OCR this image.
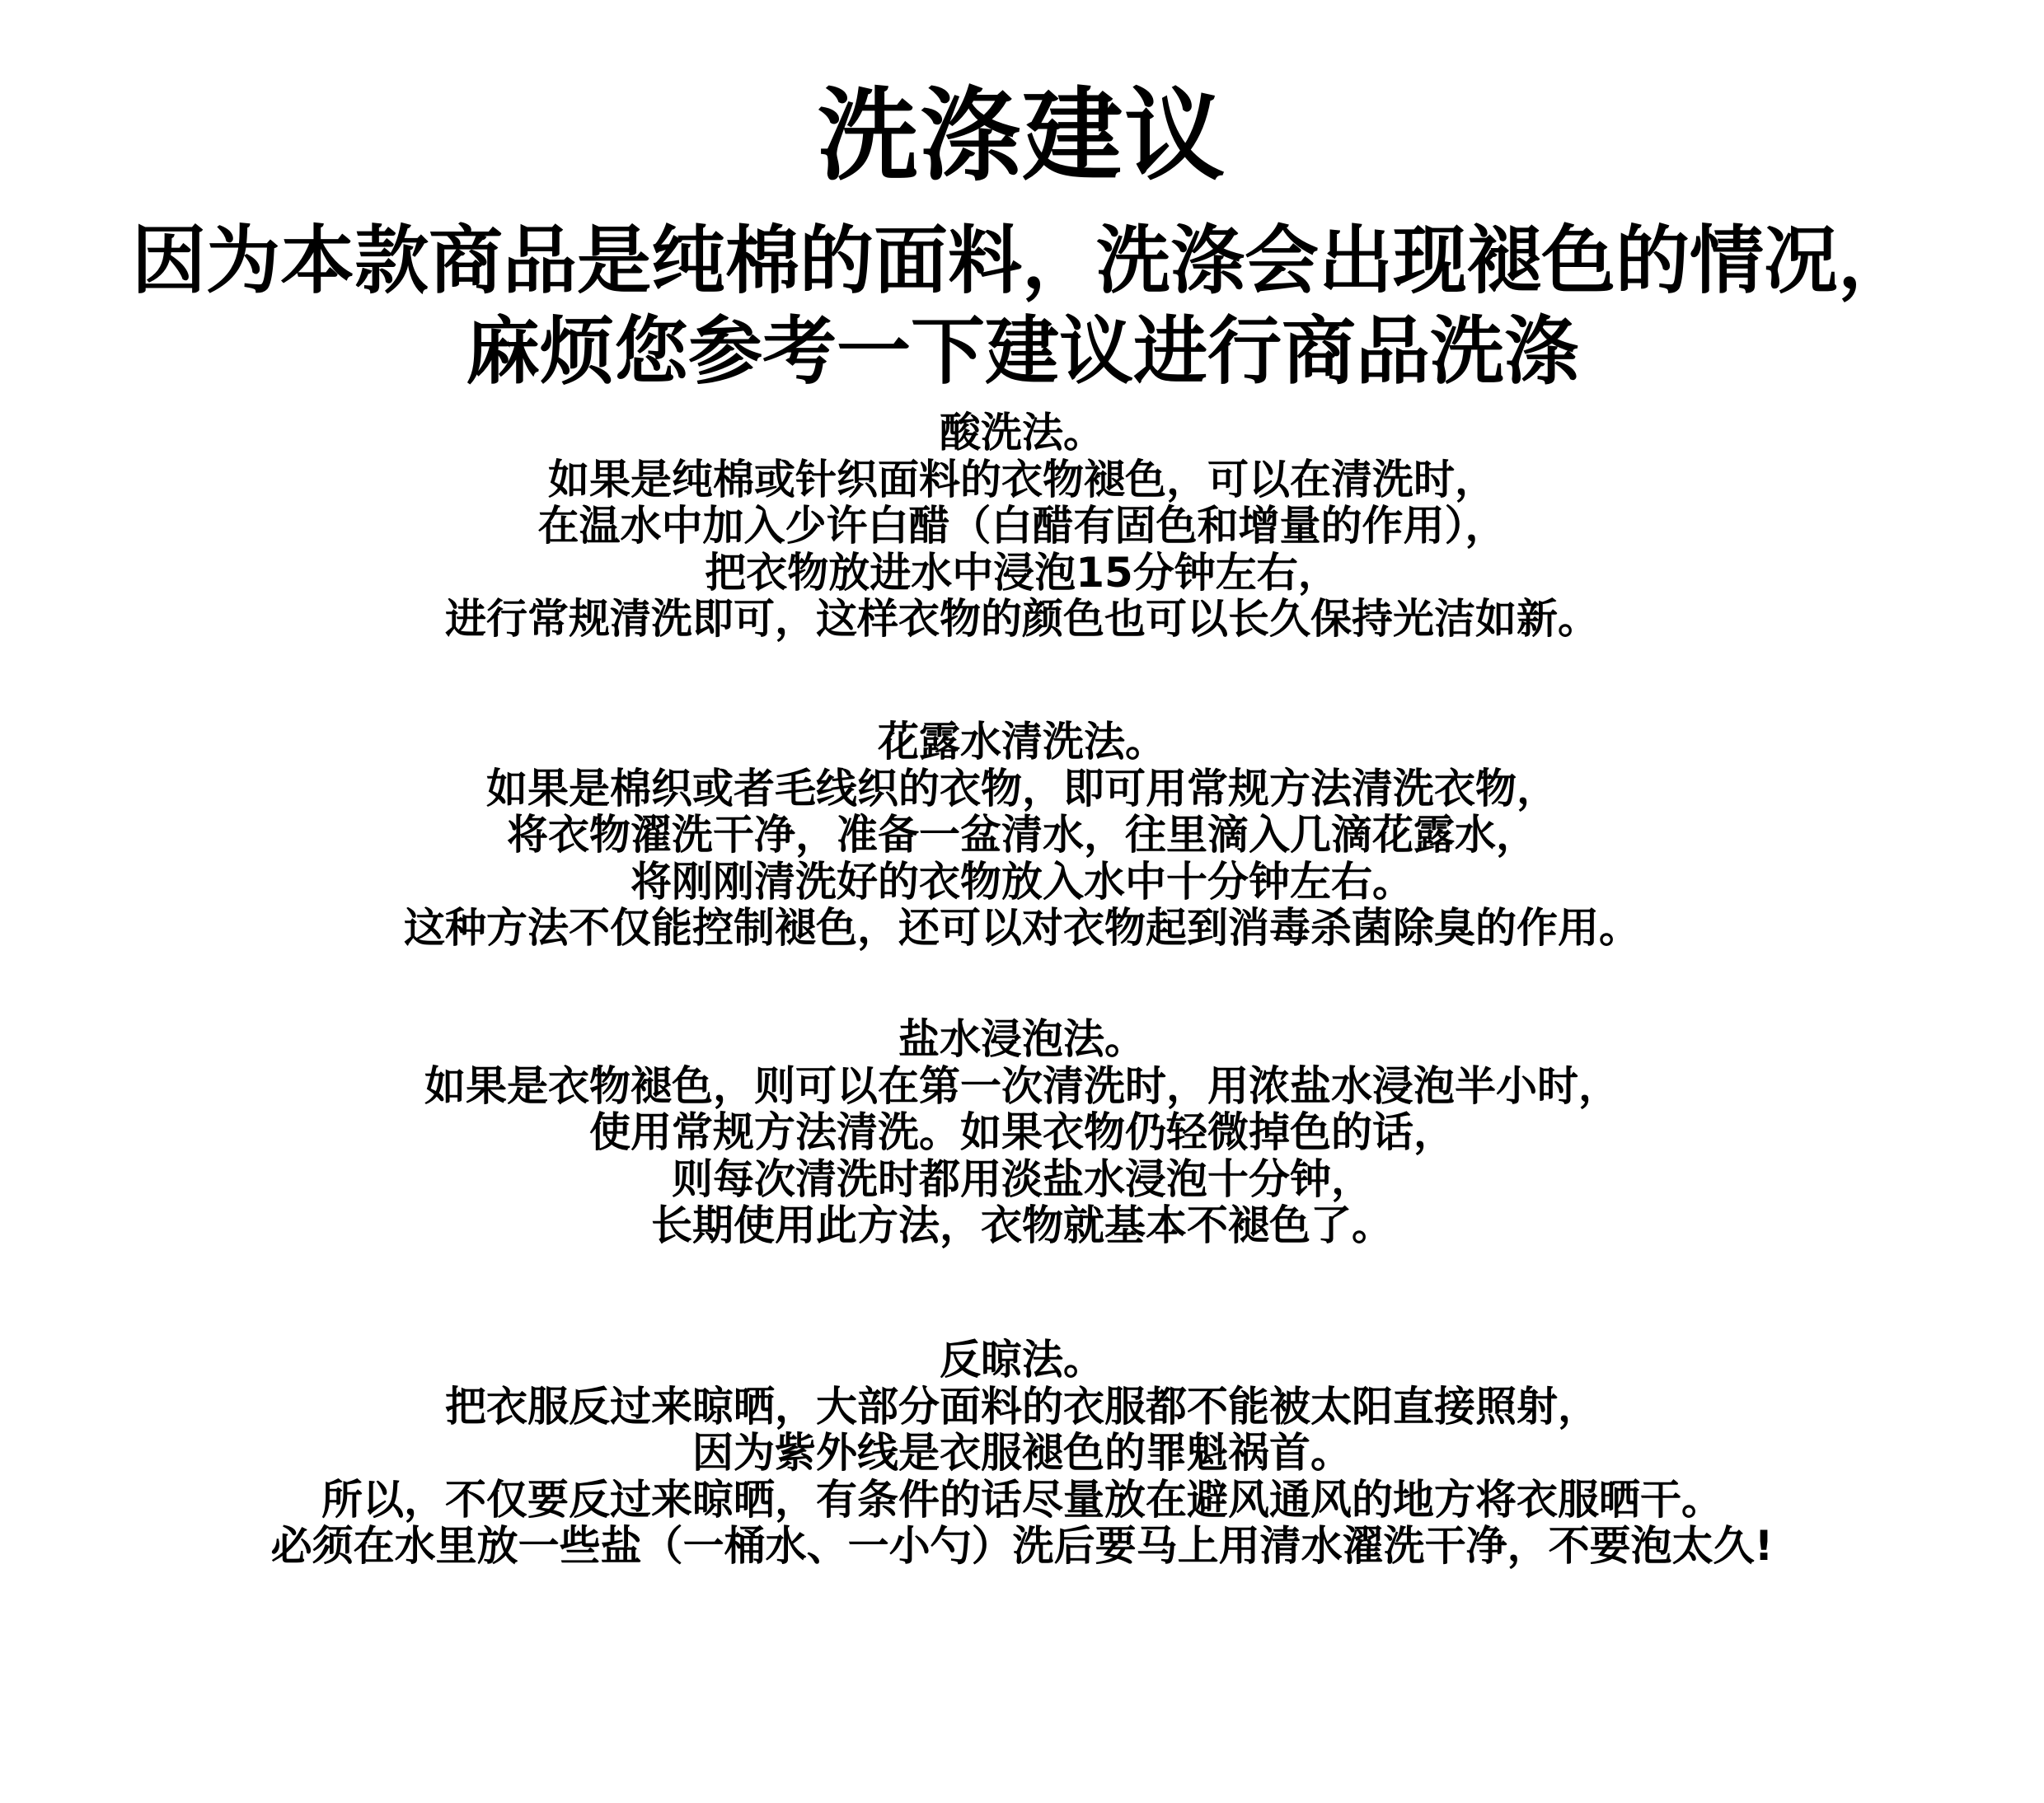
洗涤建议
因为本款商品是纯棉的面料，洗涤会出现褪色的情况，
麻烦您参考一下建议进行商品洗涤
酸洗法。
如果是纯棉或针织面料的衣物褪色，可以在清洗时，
在温水中加入少许白醋（白醋有固色和增量的作用），
把衣物放进水中浸泡15分钟左右，
进行常规清洗即可，这样衣物的颜色也可以长久保持光洁如新。
花露水清洗法。
如果是棉织或者毛线织的衣物，即可用常规方法清洗衣物，
将衣物濯洗干净，准备一盆清水，往里滴入几滴花露水，
将刚刚清洗好的衣物放入水中十分钟左右。
这种方法不仅能控制褪色，还可以对衣物起到消毒杀菌除臭的作用。
盐水浸泡法。
如果是衣物褪色，则可以在第一次清洗时，用浓盐水浸泡半小时，
使用常规方法清洗。如果衣物仍轻微掉色的话，
则每次清洗时都用淡盐水浸泡十分钟，
长期使用此方法，衣物就基本不褪色了。
反晾法。
把衣服反过来晾晒，大部分面料的衣服都不能被太阳直接照射，
因为紫外线是衣服褪色的罪魁祸首。
所以，不仅要反过来晾晒，有条件的话尽量放在避风通风的地方将衣服晒干。
必须在水里放一些盐（一桶水、一小勺）洗后要马上用清水濯洗干净，不要泡太久!
